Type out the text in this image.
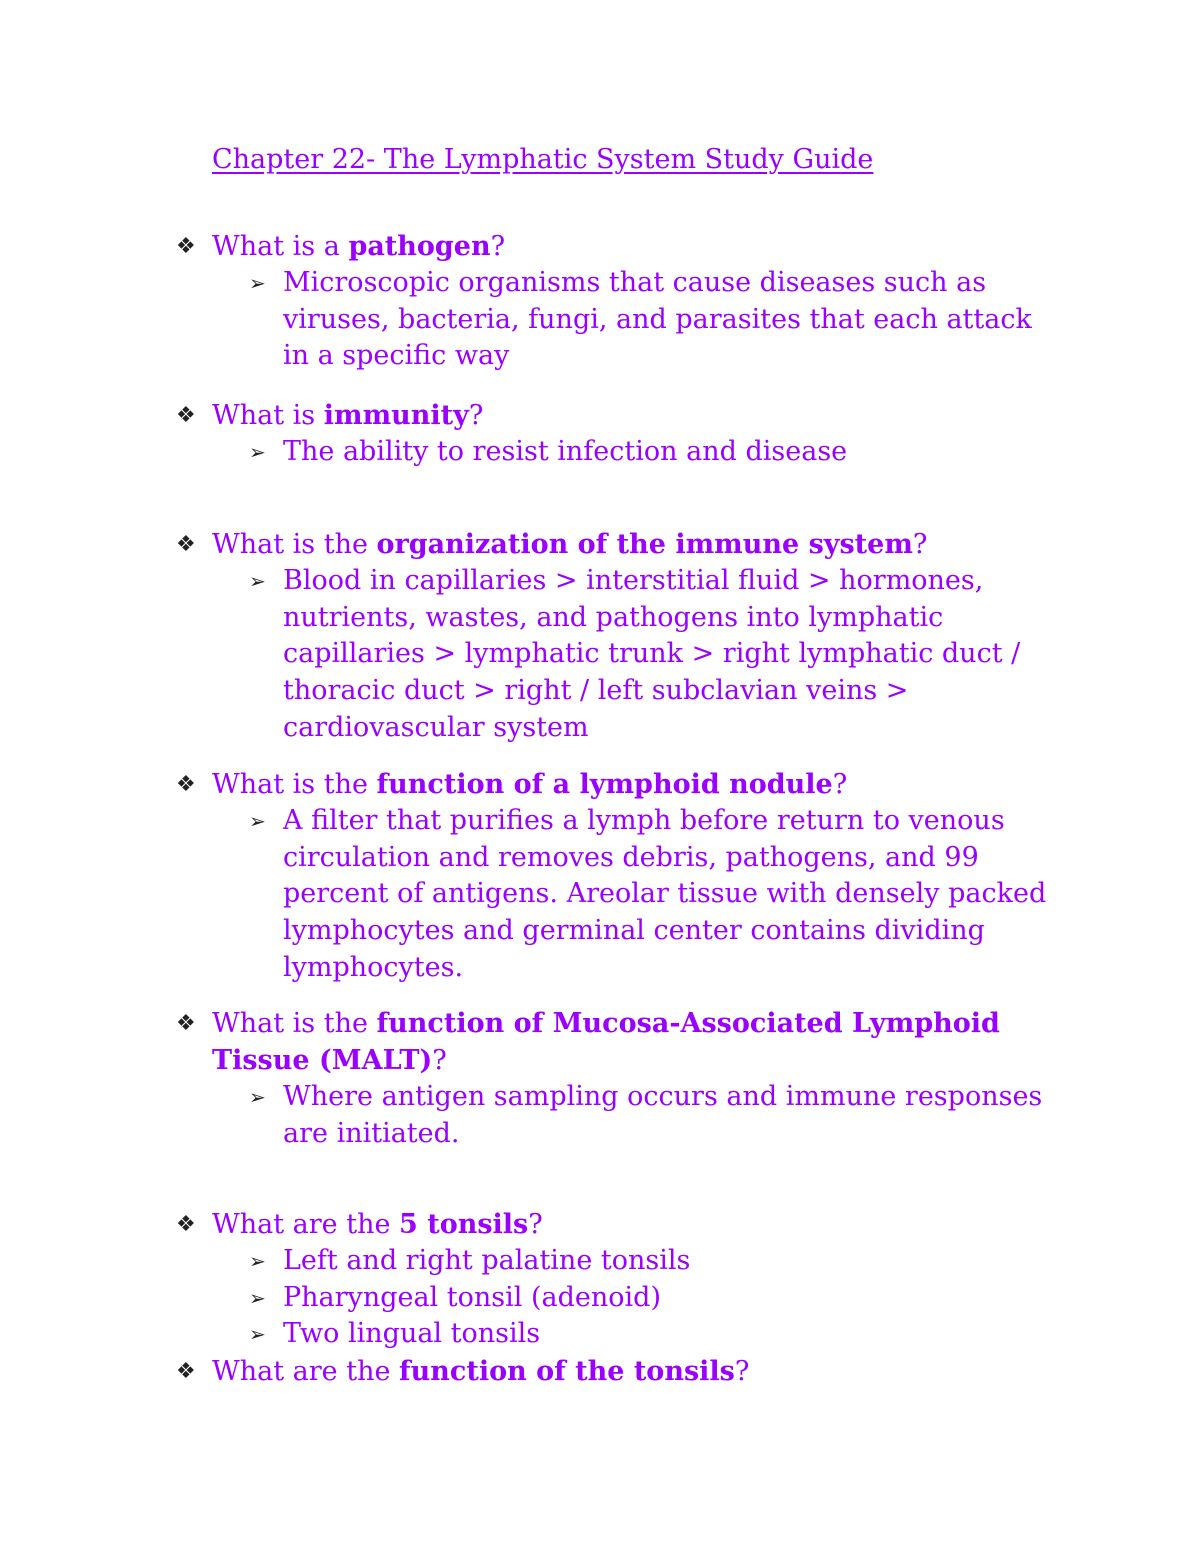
Chapter 22- The Lymphatic System Study Guide
❖ What is a pathogen?
➢ Microscopic organisms that cause diseases such as viruses, bacteria, fungi, and parasites that each attack in a specific way
❖ What is immunity?
➢ The ability to resist infection and disease
❖ What is the organization of the immune system?
➢ Blood in capillaries > interstitial fluid > hormones, nutrients, wastes, and pathogens into lymphatic capillaries > lymphatic trunk > right lymphatic duct / thoracic duct > right / left subclavian veins > cardiovascular system
❖ What is the function of a lymphoid nodule?
➢ A filter that purifies a lymph before return to venous circulation and removes debris, pathogens, and 99 percent of antigens. Areolar tissue with densely packed lymphocytes and germinal center contains dividing lymphocytes.
❖ What is the function of Mucosa-Associated Lymphoid Tissue (MALT)?
➢ Where antigen sampling occurs and immune responses are initiated.
❖ What are the 5 tonsils?
➢ Left and right palatine tonsils
➢ Pharyngeal tonsil (adenoid)
➢ Two lingual tonsils
❖ What are the function of the tonsils?
